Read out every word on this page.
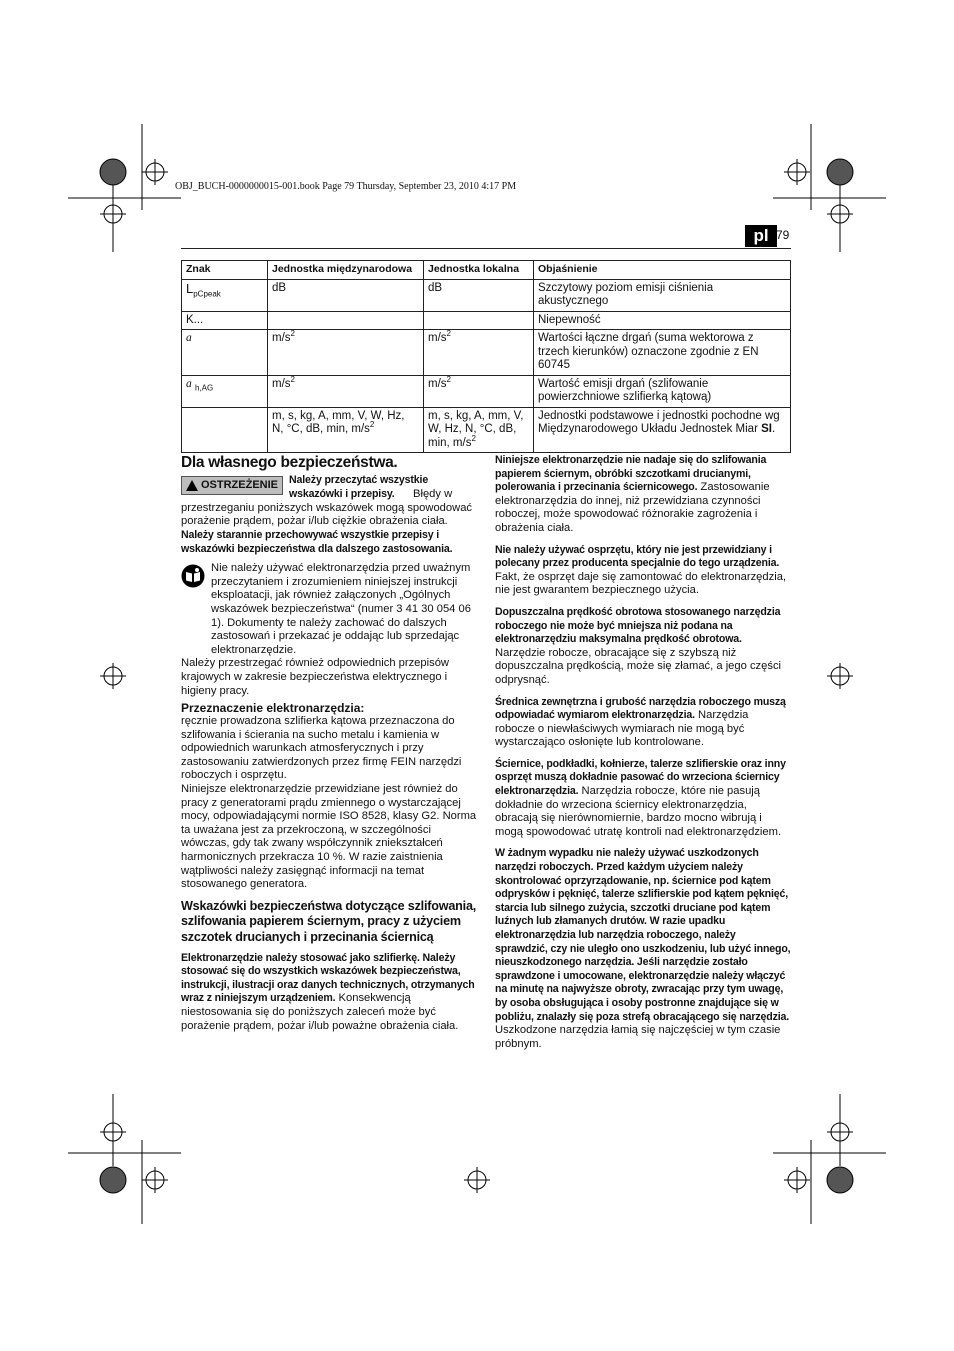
OBJ_BUCH-0000000015-001.book Page 79 Thursday, September 23, 2010 4:17 PM
pl 79
Znak	Jednostka międzynarodowa	Jednostka lokalna	Objaśnienie
$L_{pCpeak}$	dB	dB	Szczytowy poziom emisji ciśnienia akustycznego
K...			Niepewność
a	$m/s^2$	$m/s^2$	Wartości łączne drgań (suma wektorowa z trzech kierunków) oznaczone zgodnie z EN 60745
a $_{h,AG}$	$m/s^2$	$m/s^2$	Wartość emisji drgań (szlifowanie powierzchniowe szlifierką kątową)
	m, s, kg, A, mm, V, W, Hz, N, °C, dB, min, $m/s^2$	m, s, kg, A, mm, V, W, Hz, N, °C, dB, min, $m/s^2$	Jednostki podstawowe i jednostki pochodne wg Międzynarodowego Układu Jednostek Miar SI.
Dla własnego bezpieczeństwa.
OSTRZEŻENIE Należy przeczytać wszystkie wskazówki i przepisy.	Błędy w przestrzeganiu poniższych wskazówek mogą spowodować porażenie prądem, pożar i/lub ciężkie obrażenia ciała.

Należy starannie przechowywać wszystkie przepisy i wskazówki bezpieczeństwa dla dalszego zastosowania.

Nie należy używać elektronarzędzia przed uważnym przeczytaniem i zrozumieniem niniejszej instrukcji eksploatacji, jak również załączonych „Ogólnych wskazówek bezpieczeństwa“ (numer 3 41 30 054 06 1). Dokumenty te należy zachować do dalszych zastosowań i przekazać je oddając lub sprzedając elektronarzędzie.

Należy przestrzegać również odpowiednich przepisów krajowych w zakresie bezpieczeństwa elektrycznego i higieny pracy.

Przeznaczenie elektronarzędzia:

ręcznie prowadzona szlifierka kątowa przeznaczona do szlifowania i ścierania na sucho metalu i kamienia w odpowiednich warunkach atmosferycznych i przy zastosowaniu zatwierdzonych przez firmę FEIN narzędzi roboczych i osprzętu.

Niniejsze elektronarzędzie przewidziane jest również do pracy z generatorami prądu zmiennego o wystarczającej mocy, odpowiadającymi normie ISO 8528, klasy G2. Norma ta uważana jest za przekroczoną, w szczególności wówczas, gdy tak zwany współczynnik zniekształceń harmonicznych przekracza 10 %. W razie zaistnienia wątpliwości należy zasięgnąć informacji na temat stosowanego generatora.

Wskazówki bezpieczeństwa dotyczące szlifowania, szlifowania papierem ściernym, pracy z użyciem szczotek drucianych i przecinania ściernicą

Elektronarzędzie należy stosować jako szlifierkę. Należy stosować się do wszystkich wskazówek bezpieczeństwa, instrukcji, ilustracji oraz danych technicznych, otrzymanych wraz z niniejszym urządzeniem. Konsekwencją niestosowania się do poniższych zaleceń może być porażenie prądem, pożar i/lub poważne obrażenia ciała.

Niniejsze elektronarzędzie nie nadaje się do szlifowania papierem ściernym, obróbki szczotkami drucianymi, polerowania i przecinania ściernicowego. Zastosowanie elektronarzędzia do innej, niż przewidziana czynności roboczej, może spowodować różnorakie zagrożenia i obrażenia ciała.

Nie należy używać osprzętu, który nie jest przewidziany i polecany przez producenta specjalnie do tego urządzenia. Fakt, że osprzęt daje się zamontować do elektronarzędzia, nie jest gwarantem bezpiecznego użycia.

Dopuszczalna prędkość obrotowa stosowanego narzędzia roboczego nie może być mniejsza niż podana na elektronarzędziu maksymalna prędkość obrotowa. Narzędzie robocze, obracające się z szybszą niż dopuszczalna prędkością, może się złamać, a jego części odprysnąć.

Średnica zewnętrzna i grubość narzędzia roboczego muszą odpowiadać wymiarom elektronarzędzia. Narzędzia robocze o niewłaściwych wymiarach nie mogą być wystarczająco osłonięte lub kontrolowane.

Ściernice, podkładki, kołnierze, talerze szlifierskie oraz inny osprzęt muszą dokładnie pasować do wrzeciona ściernicy elektronarzędzia. Narzędzia robocze, które nie pasują dokładnie do wrzeciona ściernicy elektronarzędzia, obracają się nierównomiernie, bardzo mocno wibrują i mogą spowodować utratę kontroli nad elektronarzędziem.

W żadnym wypadku nie należy używać uszkodzonych narzędzi roboczych. Przed każdym użyciem należy skontrolować oprzyrządowanie, np. ściernice pod kątem odprysków i pęknięć, talerze szlifierskie pod kątem pęknięć, starcia lub silnego zużycia, szczotki druciane pod kątem luźnych lub złamanych drutów. W razie upadku elektronarzędzia lub narzędzia roboczego, należy sprawdzić, czy nie uległo ono uszkodzeniu, lub użyć innego, nieuszkodzonego narzędzia. Jeśli narzędzie zostało sprawdzone i umocowane, elektronarzędzie należy włączyć na minutę na najwyższe obroty, zwracając przy tym uwagę, by osoba obsługująca i osoby postronne znajdujące się w pobliżu, znalazły się poza strefą obracającego się narzędzia. Uszkodzone narzędzia łamią się najczęściej w tym czasie próbnym.
